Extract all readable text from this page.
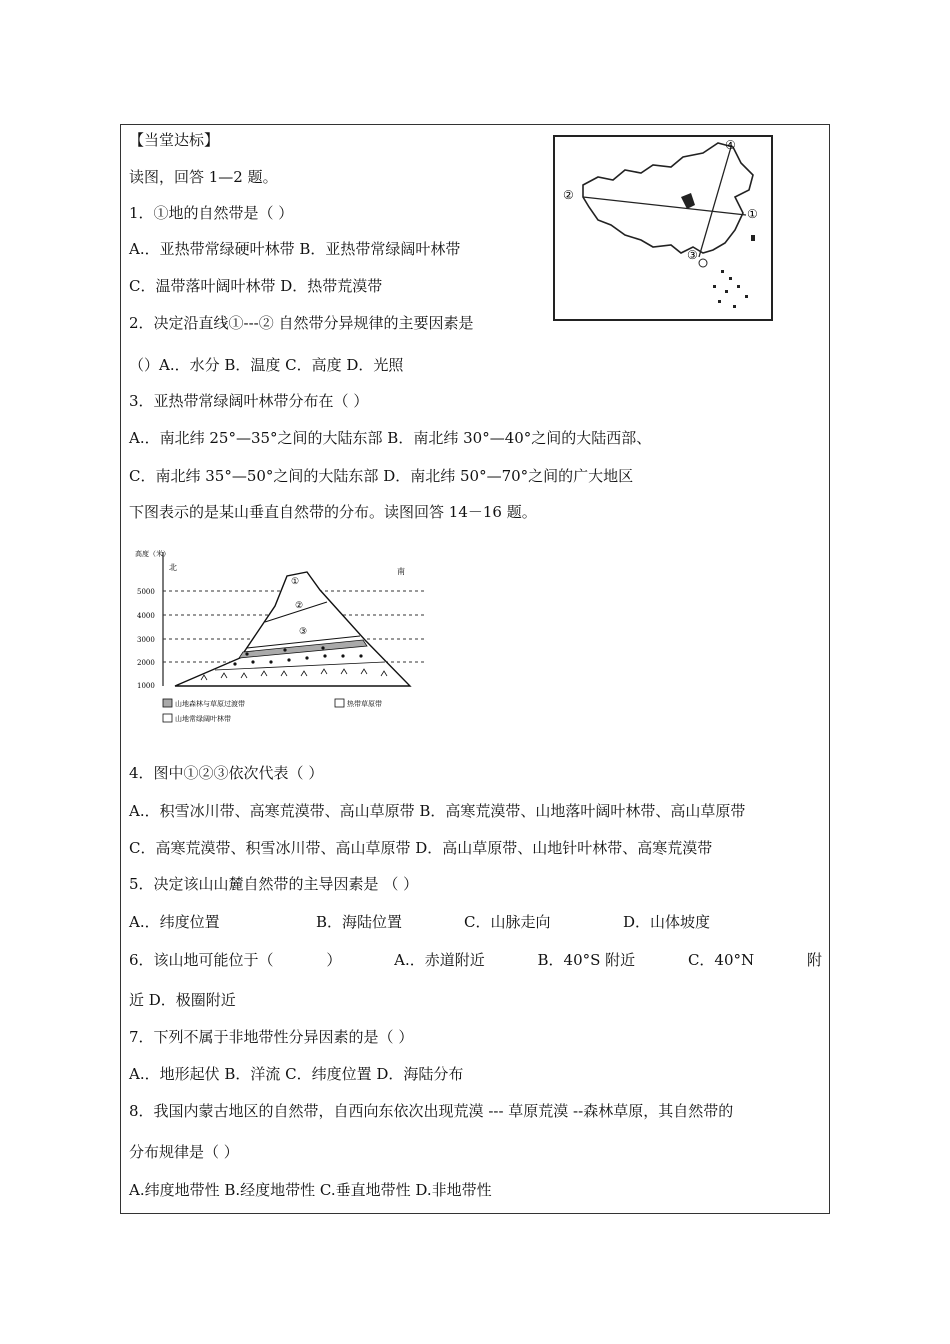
【当堂达标】
读图，回答 1—2 题。
1．①地的自然带是（ ）
A.．亚热带常绿硬叶林带 B．亚热带常绿阔叶林带
C．温带落叶阔叶林带 D．热带荒漠带
2．决定沿直线①---② 自然带分异规律的主要因素是
（）A.．水分 B．温度 C．高度 D．光照
3．亚热带常绿阔叶林带分布在（ ）
A.．南北纬 25°—35°之间的大陆东部 B．南北纬 30°—40°之间的大陆西部、
C．南北纬 35°—50°之间的大陆东部 D．南北纬 50°—70°之间的广大地区
下图表示的是某山垂直自然带的分布。读图回答 14－16 题。
①
②
③
④
高度（米）
北	南
5000
4000
3000
2000
1000
①
②
③
山地森林与草原过渡带	热带草原带
山地常绿阔叶林带
4．图中①②③依次代表（ ）
A.．积雪冰川带、高寒荒漠带、高山草原带 B．高寒荒漠带、山地落叶阔叶林带、高山草原带
C．高寒荒漠带、积雪冰川带、高山草原带 D．高山草原带、山地针叶林带、高寒荒漠带
5．决定该山山麓自然带的主导因素是 （ ）
A.．纬度位置	B．海陆位置	C．山脉走向	D．山体坡度
6．该山地可能位于（	）	A.．赤道附近	B．40°S 附近	C．40°N	附
近 D．极圈附近
7．下列不属于非地带性分异因素的是（ ）
A.．地形起伏 B．洋流 C．纬度位置 D．海陆分布
8．我国内蒙古地区的自然带，自西向东依次出现荒漠 --- 草原荒漠 --森林草原，其自然带的
分布规律是（ ）
A.纬度地带性 B.经度地带性 C.垂直地带性 D.非地带性
